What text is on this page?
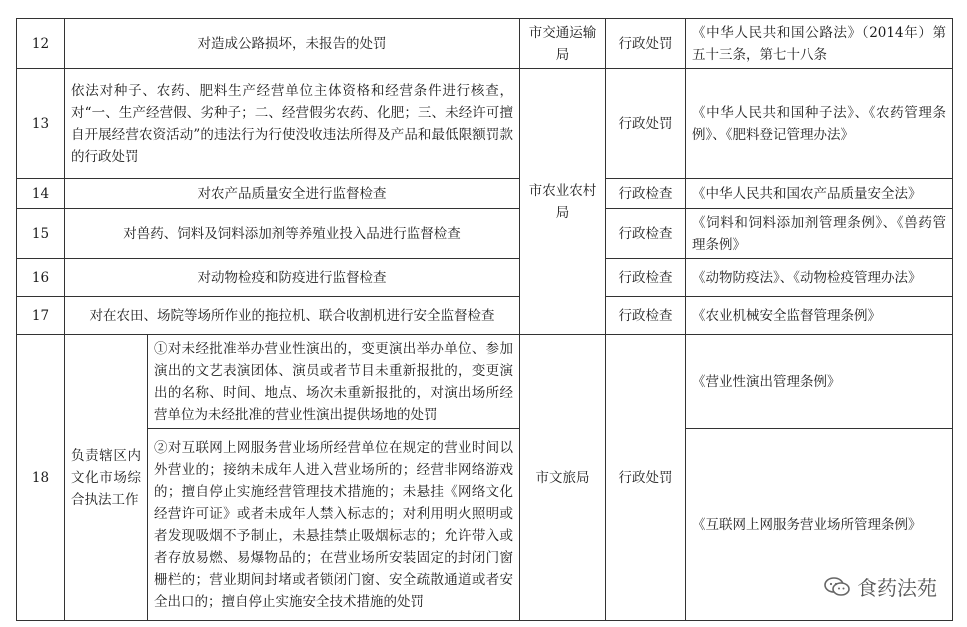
12	对造成公路损坏，未报告的处罚		市交通运输局	行政处罚	《中华人民共和国公路法》（2014年）第五十三条，第七十八条
13	依法对种子、农药、肥料生产经营单位主体资格和经营条件进行核查，对“一、生产经营假、劣种子；二、经营假劣农药、化肥；三、未经许可擅自开展经营农资活动”的违法行为行使没收违法所得及产品和最低限额罚款的行政处罚		市农业农村局	行政处罚	《中华人民共和国种子法》、《农药管理条例》、《肥料登记管理办法》
14	对农产品质量安全进行监督检查			行政检查	《中华人民共和国农产品质量安全法》
15	对兽药、饲料及饲料添加剂等养殖业投入品进行监督检查			行政检查	《饲料和饲料添加剂管理条例》、《兽药管理条例》
16	对动物检疫和防疫进行监督检查			行政检查	《动物防疫法》、《动物检疫管理办法》
17	对在农田、场院等场所作业的拖拉机、联合收割机进行安全监督检查			行政检查	《农业机械安全监督管理条例》
18	负责辖区内文化市场综合执法工作	①对未经批准举办营业性演出的，变更演出举办单位、参加演出的文艺表演团体、演员或者节目未重新报批的，变更演出的名称、时间、地点、场次未重新报批的，对演出场所经营单位为未经批准的营业性演出提供场地的处罚	市文旅局	行政处罚	《营业性演出管理条例》
		②对互联网上网服务营业场所经营单位在规定的营业时间以外营业的；接纳未成年人进入营业场所的；经营非网络游戏的；擅自停止实施经营管理技术措施的；未悬挂《网络文化经营许可证》或者未成年人禁入标志的；对利用明火照明或者发现吸烟不予制止，未悬挂禁止吸烟标志的；允许带入或者存放易燃、易爆物品的；在营业场所安装固定的封闭门窗栅栏的；营业期间封堵或者锁闭门窗、安全疏散通道或者安全出口的；擅自停止实施安全技术措施的处罚			《互联网上网服务营业场所管理条例》
食药法苑
